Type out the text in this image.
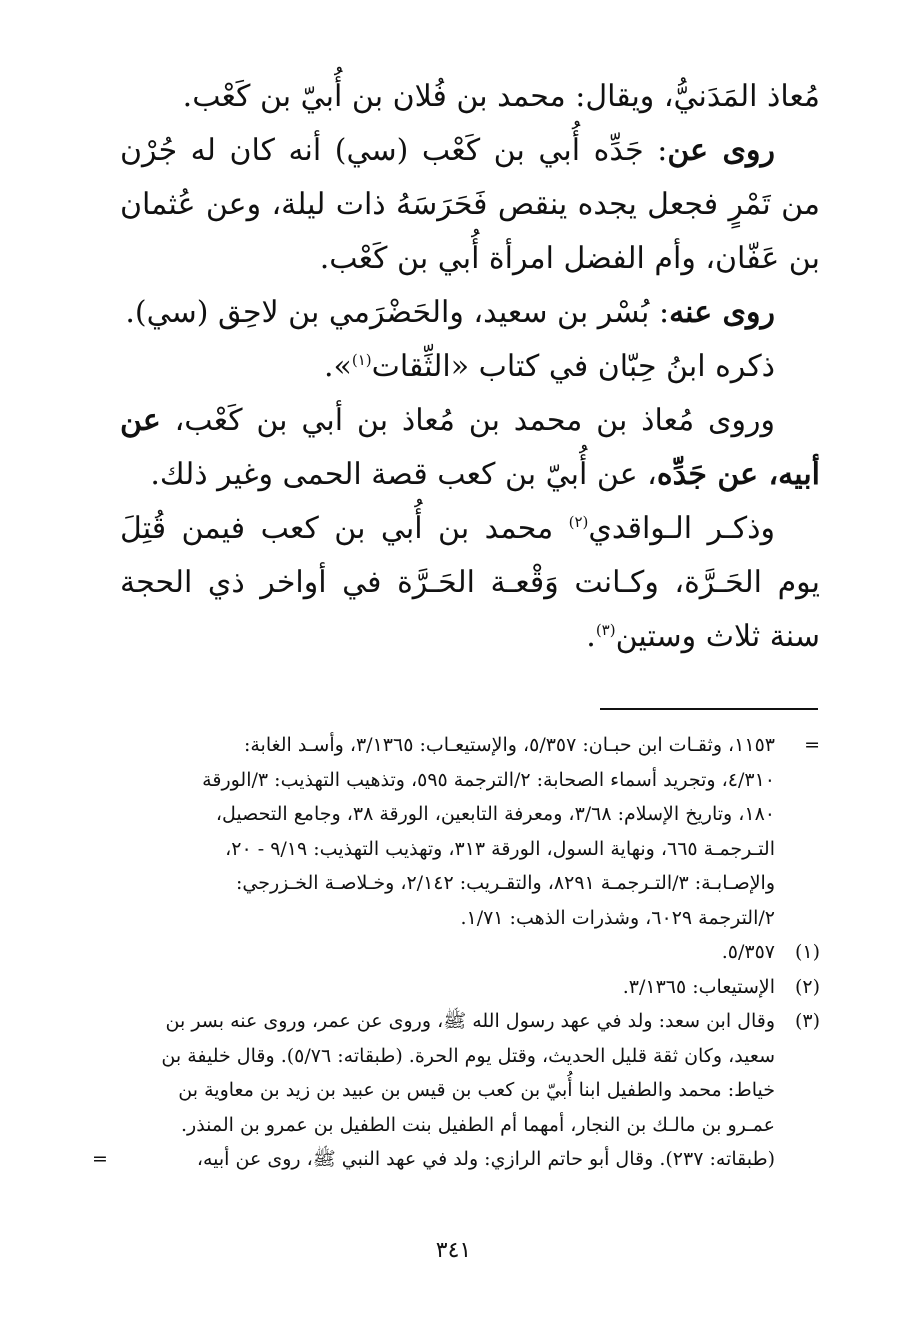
مُعاذ المَدَنيُّ، ويقال: محمد بن فُلان بن أُبيّ بن كَعْب.

روى عن: جَدِّه أُبي بن كَعْب (سي) أنه كان له جُرْن من تَمْرٍ فجعل يجده ينقص فَحَرَسَهُ ذات ليلة، وعن عُثمان بن عَفّان، وأم الفضل امرأة أُبي بن كَعْب.

روى عنه: بُسْر بن سعيد، والحَضْرَمي بن لاحِق (سي).

ذكره ابنُ حِبّان في كتاب «الثِّقات$^{(١)}$».

وروى مُعاذ بن محمد بن مُعاذ بن أبي بن كَعْب، عن أبيه، عن جَدِّه، عن أُبيّ بن كعب قصة الحمى وغير ذلك.

وذكـر الـواقدي$^{(٢)}$ محمد بن أُبي بن كعب فيمن قُتِلَ يوم الحَـرَّة، وكـانت وَقْعـة الحَـرَّة في أواخر ذي الحجة سنة ثلاث وستين$^{(٣)}$.

=
١١٥٣، وثقـات ابن حبـان: ٥/٣٥٧، والإستيعـاب: ٣/١٣٦٥، وأسـد الغابة:
٤/٣١٠، وتجريد أسماء الصحابة: ٢/الترجمة ٥٩٥، وتذهيب التهذيب: ٣/الورقة
١٨٠، وتاريخ الإسلام: ٣/٦٨، ومعرفة التابعين، الورقة ٣٨، وجامع التحصيل،
التـرجمـة ٦٦٥، ونهاية السول، الورقة ٣١٣، وتهذيب التهذيب: ٩/١٩ - ٢٠،
والإصـابـة: ٣/التـرجمـة ٨٢٩١، والتقـريب: ٢/١٤٢، وخـلاصـة الخـزرجي:
٢/الترجمة ٦٠٢٩، وشذرات الذهب: ١/٧١.
(١)
٥/٣٥٧.
(٢)
الإستيعاب: ٣/١٣٦٥.
(٣)
وقال ابن سعد: ولد في عهد رسول الله ﷺ، وروى عن عمر، وروى عنه بسر بن
سعيد، وكان ثقة قليل الحديث، وقتل يوم الحرة. (طبقاته: ٥/٧٦). وقال خليفة بن
خياط: محمد والطفيل ابنا أُبيّ بن كعب بن قيس بن عبيد بن زيد بن معاوية بن
عمـرو بن مالـك بن النجار، أمهما أم الطفيل بنت الطفيل بن عمرو بن المنذر.
(طبقاته: ٢٣٧). وقال أبو حاتم الرازي: ولد في عهد النبي ﷺ، روى عن أبيه،
=
٣٤١
